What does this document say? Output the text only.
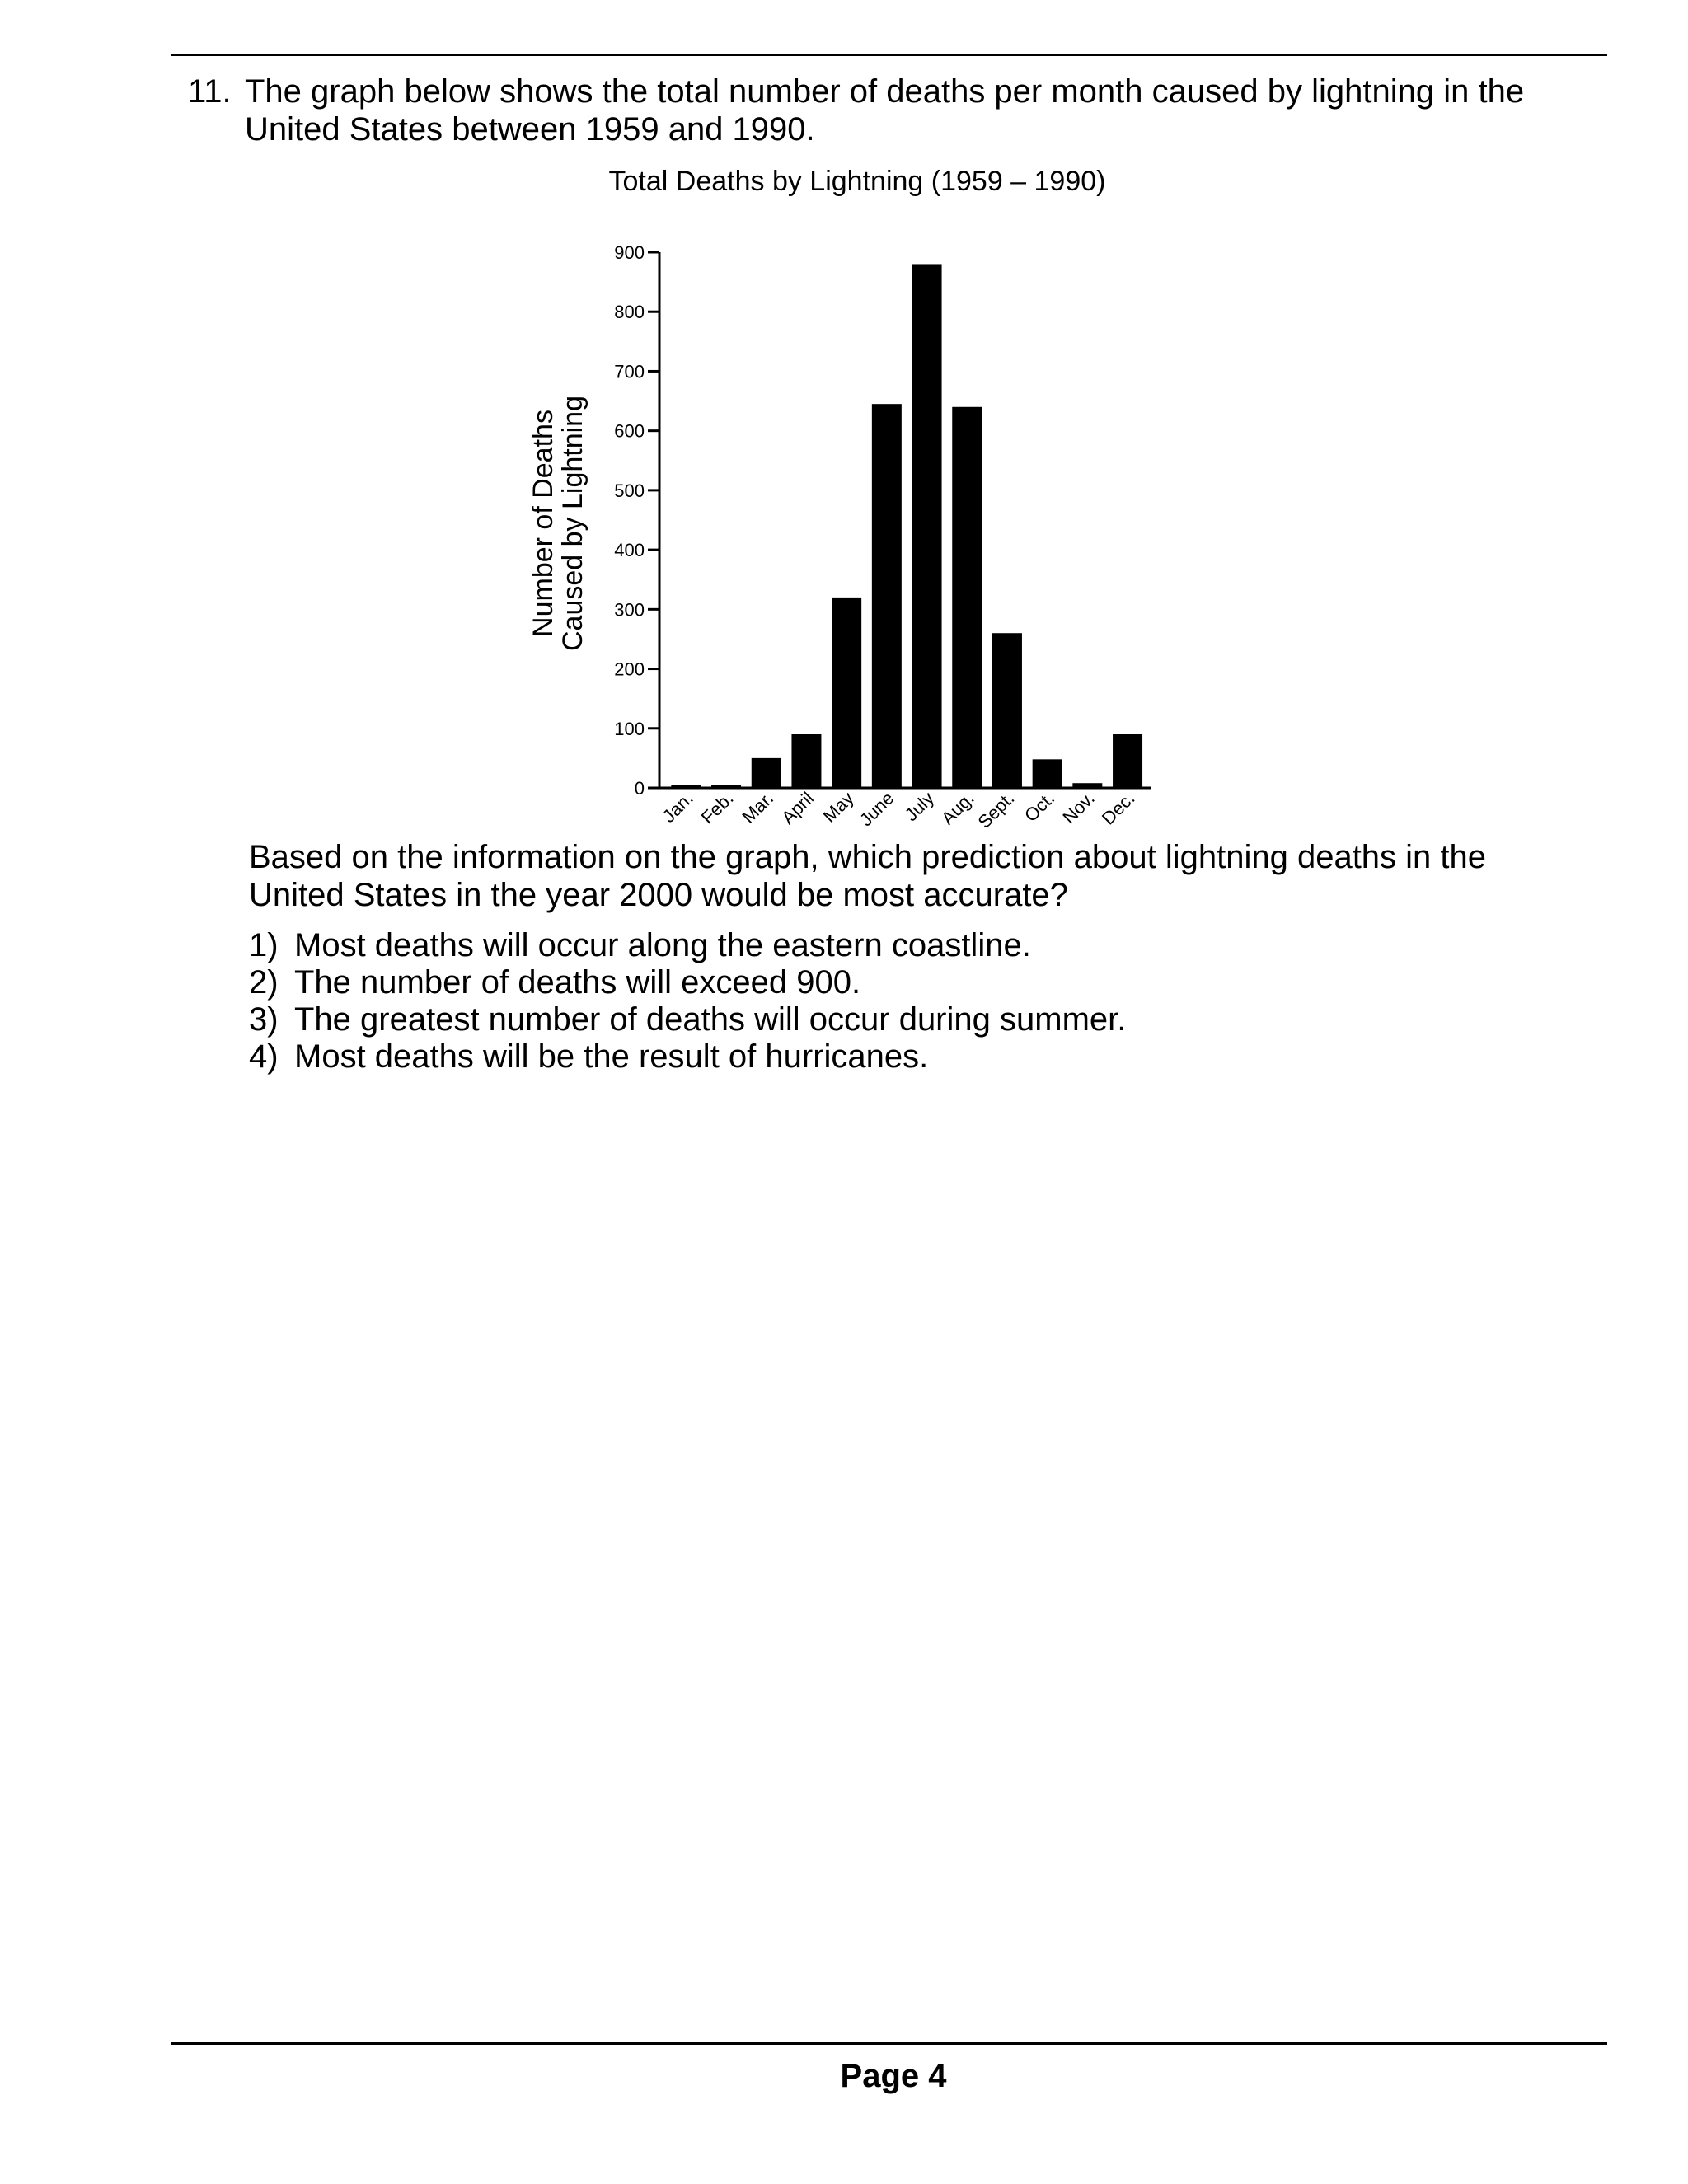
11. The graph below shows the total number of deaths per month caused by lightning in the United States between 1959 and 1990.
Total Deaths by Lightning (1959 – 1990)
Number of Deaths
Caused by Lightning
0
100
200
300
400
500
600
700
800
900
Jan. Feb. Mar. April May
June July Aug.
Sept. Oct. Nov. Dec.
Based on the information on the graph, which prediction about lightning deaths in the United States in the year 2000 would be most accurate?
1) Most deaths will occur along the eastern coastline.
2) The number of deaths will exceed 900.
3) The greatest number of deaths will occur during summer.
4) Most deaths will be the result of hurricanes.
Page 4
